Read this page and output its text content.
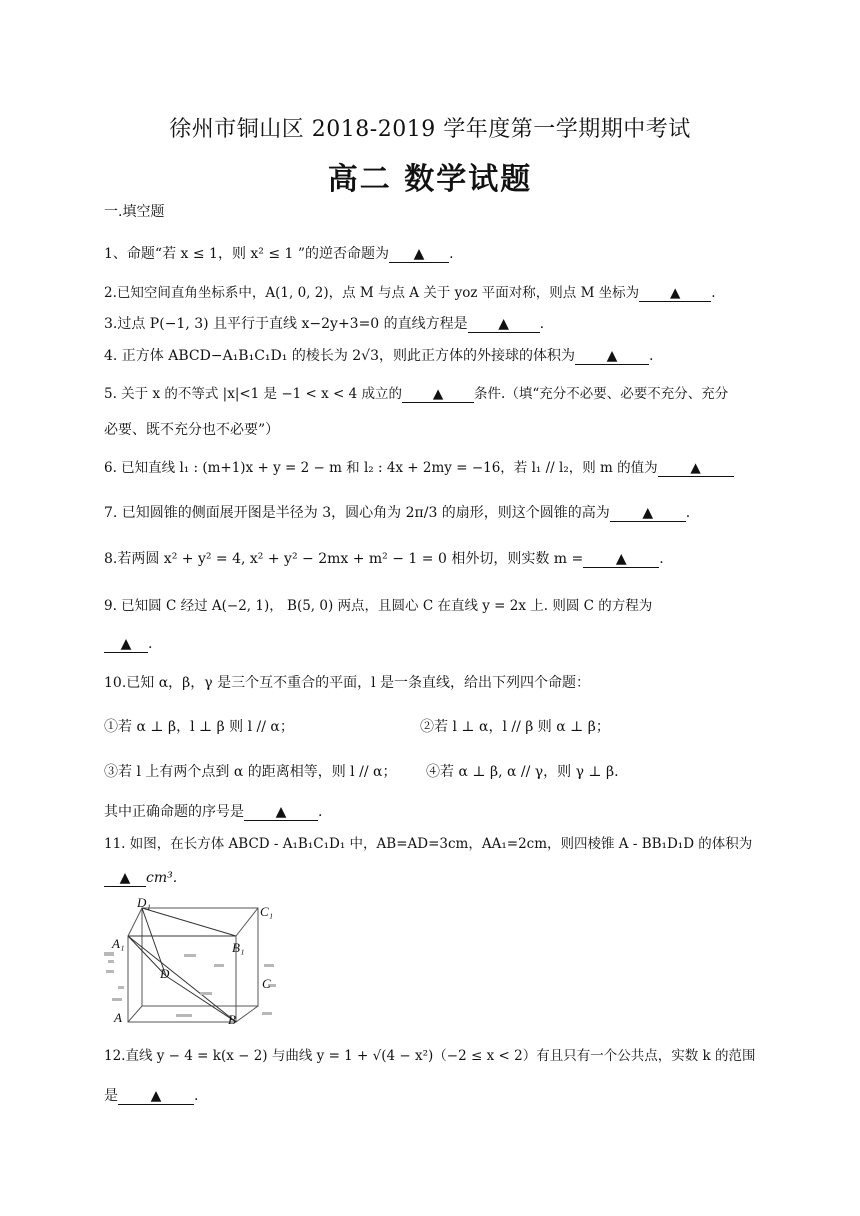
徐州市铜山区 2018-2019 学年度第一学期期中考试
高二 数学试题
一.填空题
1、命题“若 x ≤ 1，则 x² ≤ 1 ”的逆否命题为 ▲ .
2.已知空间直角坐标系中，A(1, 0, 2)，点 M 与点 A 关于 yoz 平面对称，则点 M 坐标为 ▲ .
3.过点 P(−1, 3) 且平行于直线 x−2y+3=0 的直线方程是 ▲ .
4. 正方体 ABCD−A₁B₁C₁D₁ 的棱长为 2√3，则此正方体的外接球的体积为 ▲ .
5. 关于 x 的不等式 |x|<1 是 −1 < x < 4 成立的 ▲ 条件.（填“充分不必要、必要不充分、充分
必要、既不充分也不必要”）
6. 已知直线 l₁ : (m+1)x + y = 2 − m 和 l₂ : 4x + 2my = −16，若 l₁ // l₂，则 m 的值为 ▲
7. 已知圆锥的侧面展开图是半径为 3，圆心角为 2π/3 的扇形，则这个圆锥的高为 ▲ .
8.若两圆 x² + y² = 4, x² + y² − 2mx + m² − 1 = 0 相外切，则实数 m = ▲ .
9. 已知圆 C 经过 A(−2, 1)， B(5, 0) 两点，且圆心 C 在直线 y = 2x 上. 则圆 C 的方程为
▲ .
10.已知 α，β，γ 是三个互不重合的平面，l 是一条直线，给出下列四个命题：
①若 α ⊥ β，l ⊥ β 则 l // α；	②若 l ⊥ α，l // β 则 α ⊥ β；
③若 l 上有两个点到 α 的距离相等，则 l // α； ④若 α ⊥ β, α // γ，则 γ ⊥ β.
其中正确命题的序号是 ▲ .
11. 如图，在长方体 ABCD - A₁B₁C₁D₁ 中，AB=AD=3cm，AA₁=2cm，则四棱锥 A - BB₁D₁D 的体积为
▲ cm³.
D₁
C₁
A₁	B₁
D
C
A	B
12.直线 y − 4 = k(x − 2) 与曲线 y = 1 + √(4 − x²)（−2 ≤ x < 2）有且只有一个公共点，实数 k 的范围
是 ▲ .
